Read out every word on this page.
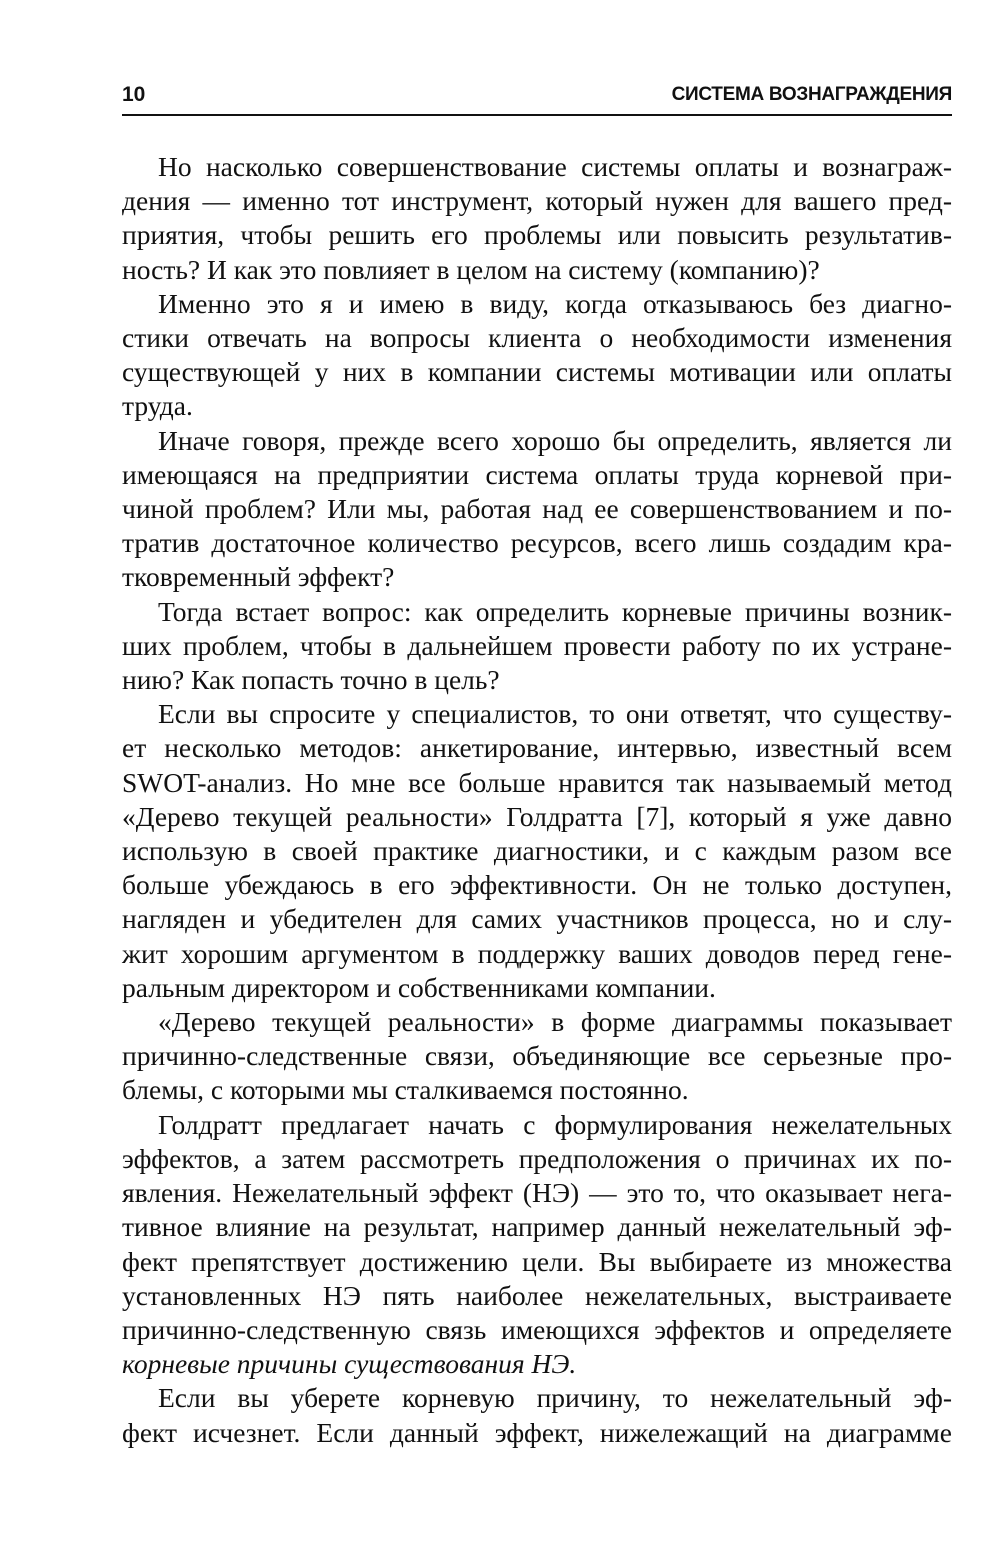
10	СИСТЕМА ВОЗНАГРАЖДЕНИЯ

Но насколько совершенствование системы оплаты и вознаграж-
дения — именно тот инструмент, который нужен для вашего пред-
приятия, чтобы решить его проблемы или повысить результатив-
ность? И как это повлияет в целом на систему (компанию)?

Именно это я и имею в виду, когда отказываюсь без диагно-
стики отвечать на вопросы клиента о необходимости изменения
существующей у них в компании системы мотивации или оплаты
труда.

Иначе говоря, прежде всего хорошо бы определить, является ли
имеющаяся на предприятии система оплаты труда корневой при-
чиной проблем? Или мы, работая над ее совершенствованием и по-
тратив достаточное количество ресурсов, всего лишь создадим кра-
тковременный эффект?

Тогда встает вопрос: как определить корневые причины возник-
ших проблем, чтобы в дальнейшем провести работу по их устране-
нию? Как попасть точно в цель?

Если вы спросите у специалистов, то они ответят, что существу-
ет несколько методов: анкетирование, интервью, известный всем
SWOT-анализ. Но мне все больше нравится так называемый метод
«Дерево текущей реальности» Голдратта [7], который я уже давно
использую в своей практике диагностики, и с каждым разом все
больше убеждаюсь в его эффективности. Он не только доступен,
нагляден и убедителен для самих участников процесса, но и слу-
жит хорошим аргументом в поддержку ваших доводов перед гене-
ральным директором и собственниками компании.

«Дерево текущей реальности» в форме диаграммы показывает
причинно-следственные связи, объединяющие все серьезные про-
блемы, с которыми мы сталкиваемся постоянно.

Голдратт предлагает начать с формулирования нежелательных
эффектов, а затем рассмотреть предположения о причинах их по-
явления. Нежелательный эффект (НЭ) — это то, что оказывает нега-
тивное влияние на результат, например данный нежелательный эф-
фект препятствует достижению цели. Вы выбираете из множества
установленных НЭ пять наиболее нежелательных, выстраиваете
причинно-следственную связь имеющихся эффектов и определяете
корневые причины существования НЭ.

Если вы уберете корневую причину, то нежелательный эф-
фект исчезнет. Если данный эффект, нижележащий на диаграмме
